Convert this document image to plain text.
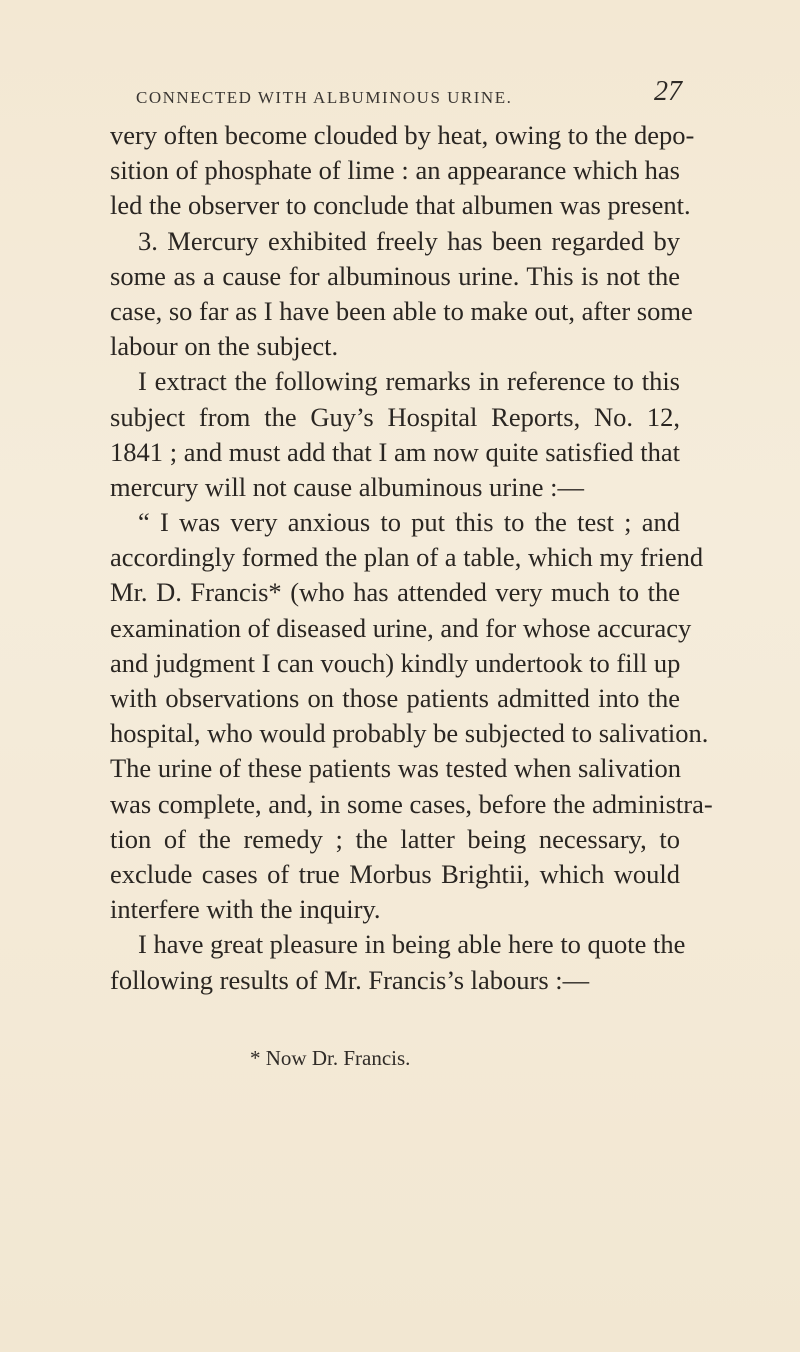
CONNECTED WITH ALBUMINOUS URINE.	27
very often become clouded by heat, owing to the depo-
sition of phosphate of lime : an appearance which has
led the observer to conclude that albumen was present.
3. Mercury exhibited freely has been regarded by
some as a cause for albuminous urine. This is not the
case, so far as I have been able to make out, after some
labour on the subject.
I extract the following remarks in reference to this
subject from the Guy’s Hospital Reports, No. 12,
1841 ; and must add that I am now quite satisfied that
mercury will not cause albuminous urine :—
“ I was very anxious to put this to the test ; and
accordingly formed the plan of a table, which my friend
Mr. D. Francis* (who has attended very much to the
examination of diseased urine, and for whose accuracy
and judgment I can vouch) kindly undertook to fill up
with observations on those patients admitted into the
hospital, who would probably be subjected to salivation.
The urine of these patients was tested when salivation
was complete, and, in some cases, before the administra-
tion of the remedy ; the latter being necessary, to
exclude cases of true Morbus Brightii, which would
interfere with the inquiry.
I have great pleasure in being able here to quote the
following results of Mr. Francis’s labours :—
* Now Dr. Francis.
